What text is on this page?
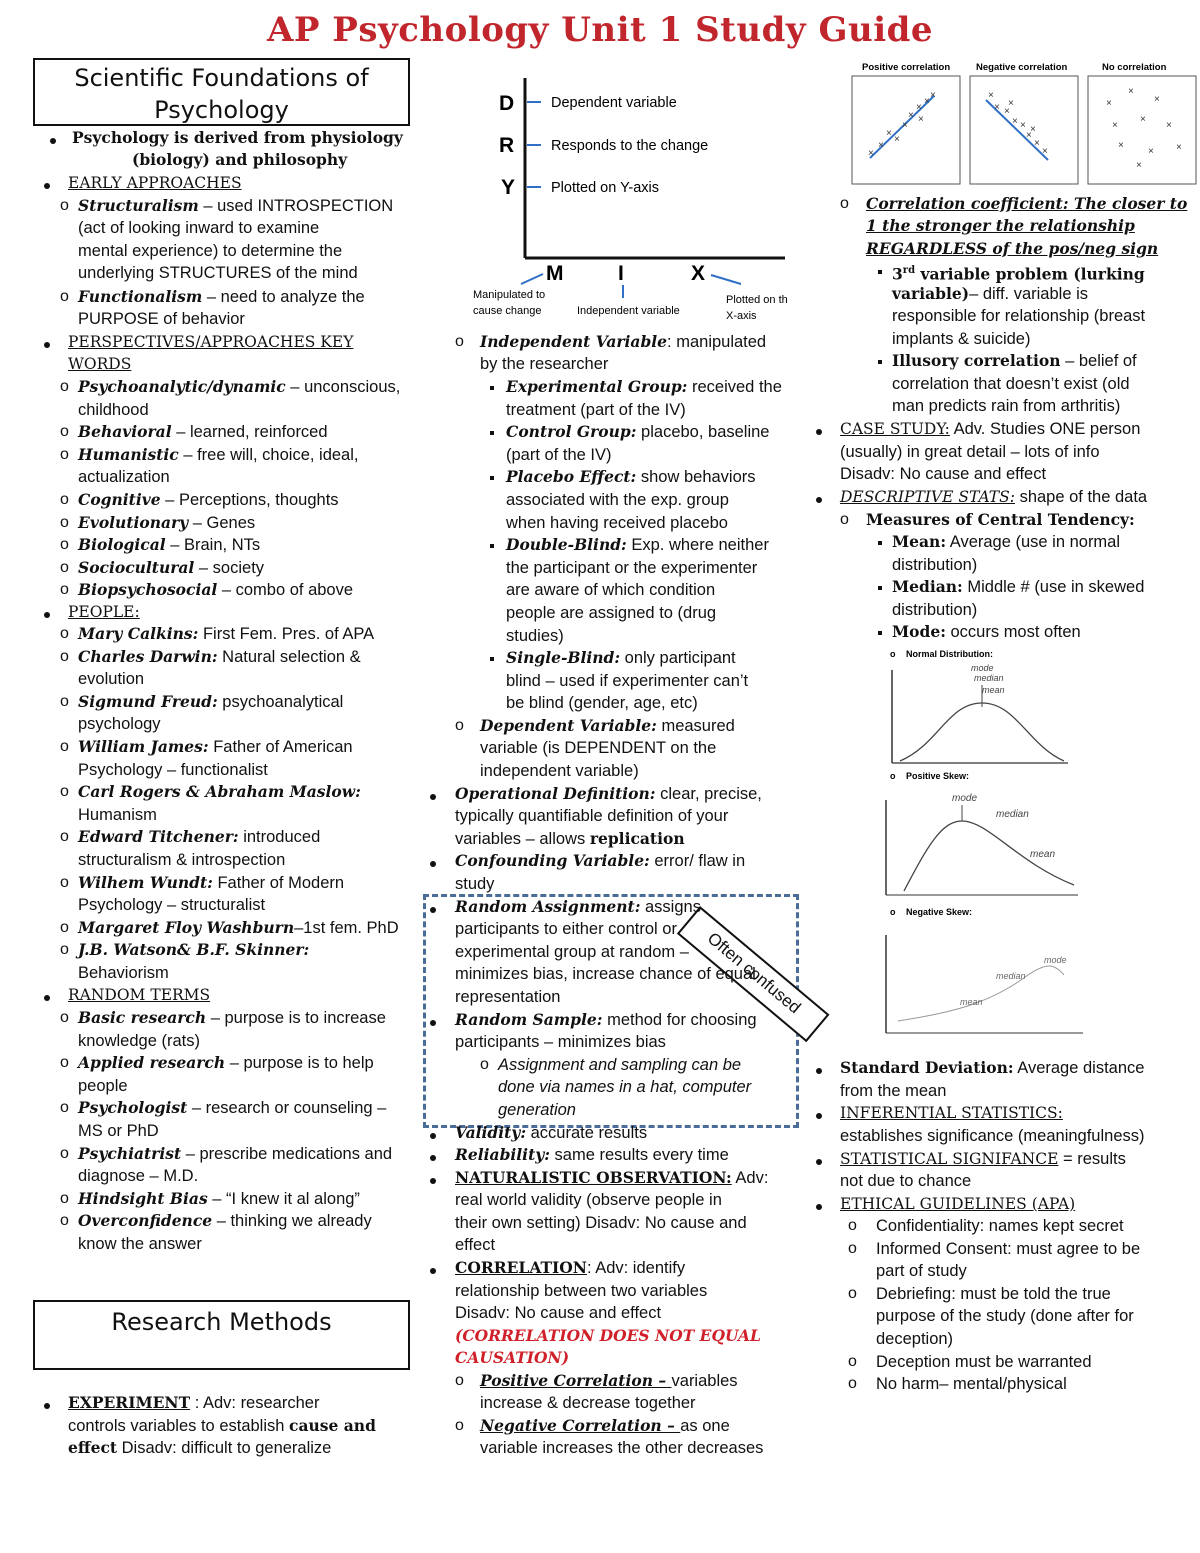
AP Psychology Unit 1 Study Guide
Scientific Foundations of
Psychology
Psychology is derived from physiology
(biology) and philosophy
EARLY APPROACHES
o Structuralism – used INTROSPECTION
(act of looking inward to examine
mental experience) to determine the
underlying STRUCTURES of the mind
o Functionalism – need to analyze the
PURPOSE of behavior
PERSPECTIVES/APPROACHES KEY
WORDS
o Psychoanalytic/dynamic – unconscious,
childhood
o Behavioral – learned, reinforced
o Humanistic – free will, choice, ideal,
actualization
o Cognitive – Perceptions, thoughts
o Evolutionary – Genes
o Biological – Brain, NTs
o Sociocultural – society
o Biopsychosocial – combo of above
PEOPLE:
o Mary Calkins: First Fem. Pres. of APA
o Charles Darwin: Natural selection &
evolution
o Sigmund Freud: psychoanalytical
psychology
o William James: Father of American
Psychology – functionalist
o Carl Rogers & Abraham Maslow:
Humanism
o Edward Titchener: introduced
structuralism & introspection
o Wilhem Wundt: Father of Modern
Psychology – structuralist
o Margaret Floy Washburn–1st fem. PhD
o J.B. Watson& B.F. Skinner:
Behaviorism
RANDOM TERMS
o Basic research – purpose is to increase
knowledge (rats)
o Applied research – purpose is to help
people
o Psychologist – research or counseling –
MS or PhD
o Psychiatrist – prescribe medications and
diagnose – M.D.
o Hindsight Bias – “I knew it al along”
o Overconfidence – thinking we already
know the answer
Research Methods
EXPERIMENT : Adv: researcher
controls variables to establish cause and
effect Disadv: difficult to generalize
D
R
Y
Dependent variable
Responds to the change
Plotted on Y-axis
M	I	X
Manipulated to
cause change	Independent variable
Plotted on th
X-axis
o Independent Variable: manipulated
by the researcher
Experimental Group: received the
treatment (part of the IV)
Control Group: placebo, baseline
(part of the IV)
Placebo Effect: show behaviors
associated with the exp. group
when having received placebo
Double-Blind: Exp. where neither
the participant or the experimenter
are aware of which condition
people are assigned to (drug
studies)
Single-Blind: only participant
blind – used if experimenter can’t
be blind (gender, age, etc)
o Dependent Variable: measured
variable (is DEPENDENT on the
independent variable)
Operational Definition: clear, precise,
typically quantifiable definition of your
variables – allows replication
Confounding Variable: error/ flaw in
study
Often confused
Random Assignment: assigns
participants to either control or
experimental group at random –
minimizes bias, increase chance of equal
representation
Random Sample: method for choosing
participants – minimizes bias
o Assignment and sampling can be
done via names in a hat, computer
generation
Validity: accurate results
Reliability: same results every time
NATURALISTIC OBSERVATION: Adv:
real world validity (observe people in
their own setting) Disadv: No cause and
effect
CORRELATION: Adv: identify
relationship between two variables
Disadv: No cause and effect
(CORRELATION DOES NOT EQUAL
CAUSATION)
o Positive Correlation – variables
increase & decrease together
o Negative Correlation – as one
variable increases the other decreases
Positive correlation	Negative correlation	No correlation
×
×
×
×
×
×
×
×
×
×
×
× ×
× ×
×
×
×
×
×
×
×
×
×
×
×
×
× ×
×
o Correlation coefficient: The closer to
1 the stronger the relationship
REGARDLESS of the pos/neg sign
3rd variable problem (lurking
variable)– diff. variable is
responsible for relationship (breast
implants & suicide)
Illusory correlation – belief of
correlation that doesn’t exist (old
man predicts rain from arthritis)
CASE STUDY: Adv. Studies ONE person
(usually) in great detail – lots of info
Disadv: No cause and effect
DESCRIPTIVE STATS: shape of the data
o Measures of Central Tendency:
Mean: Average (use in normal
distribution)
Median: Middle # (use in skewed
distribution)
Mode: occurs most often
o Normal Distribution:
mode
median
mean
o Positive Skew:
mode
median
mean
o Negative Skew:
mean
median
mode
Standard Deviation: Average distance
from the mean
INFERENTIAL STATISTICS:
establishes significance (meaningfulness)
STATISTICAL SIGNIFANCE = results
not due to chance
ETHICAL GUIDELINES (APA)
o Confidentiality: names kept secret
o Informed Consent: must agree to be
part of study
o Debriefing: must be told the true
purpose of the study (done after for
deception)
o Deception must be warranted
o No harm– mental/physical
